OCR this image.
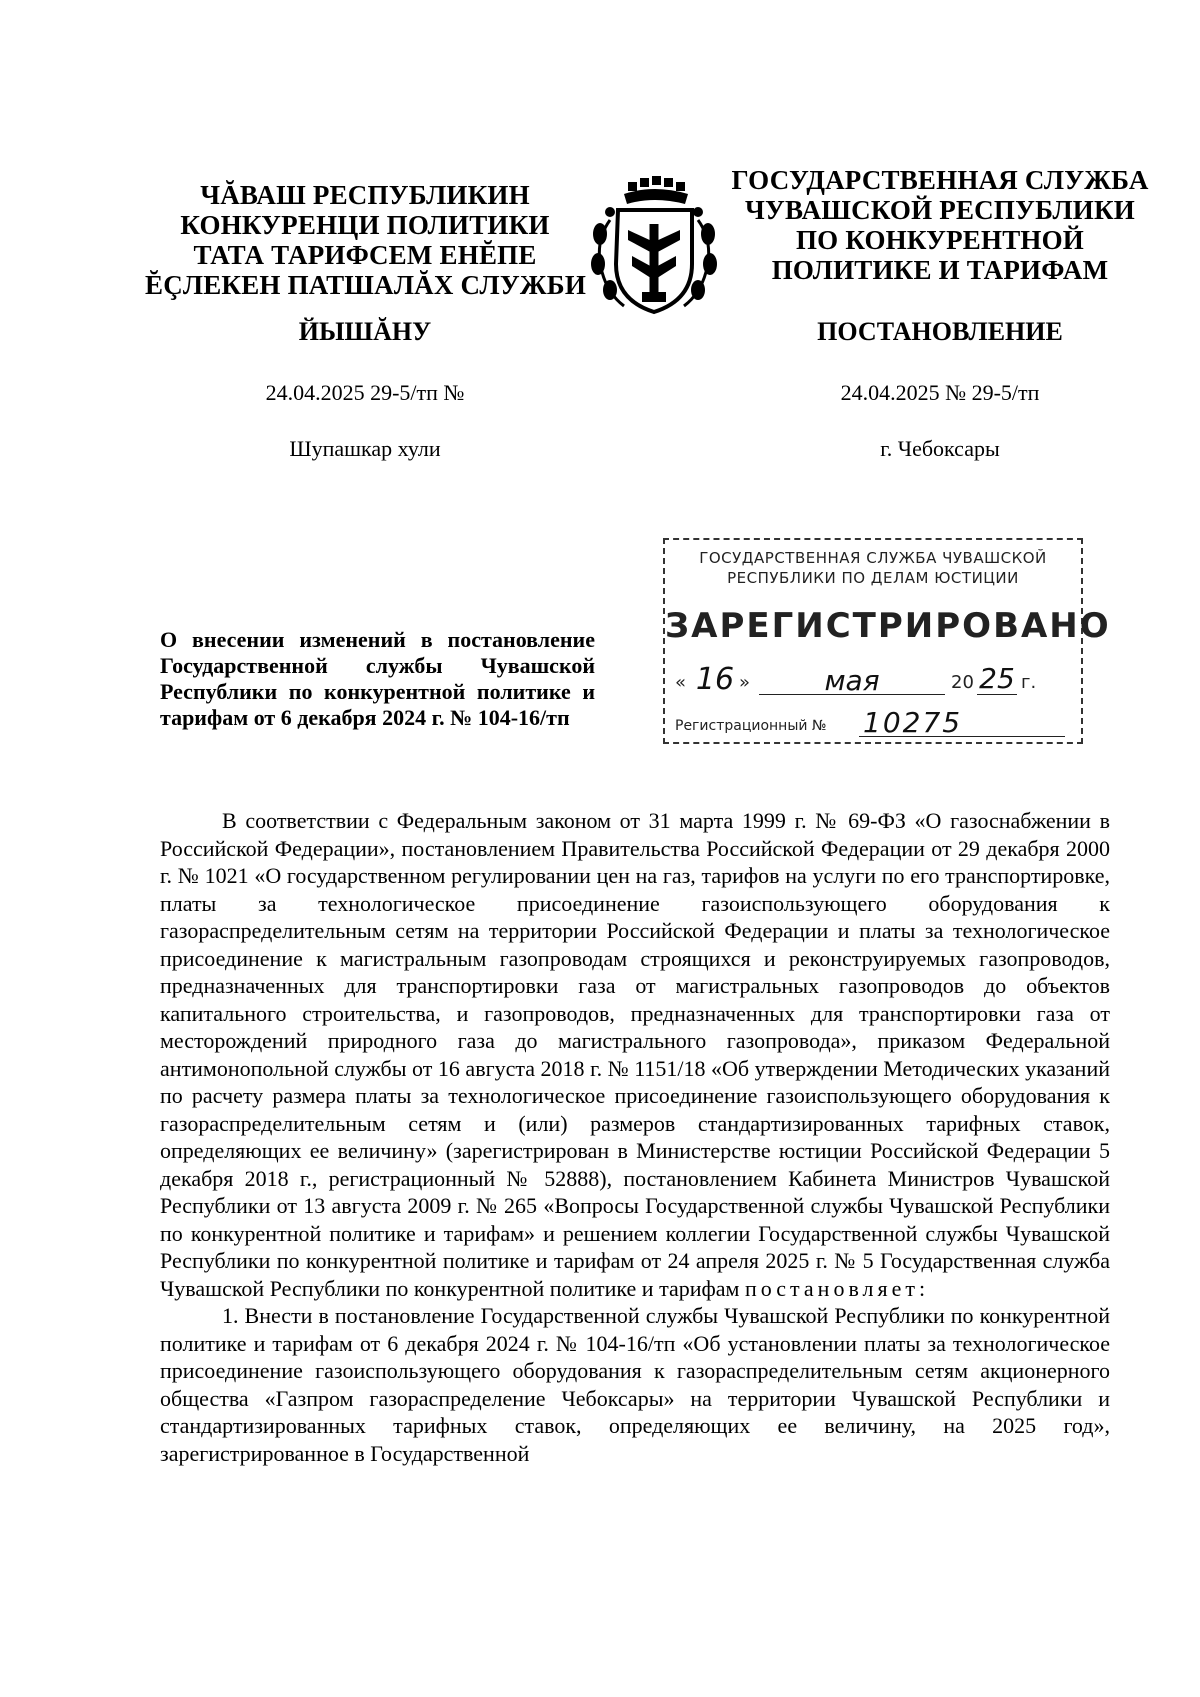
ЧĂВАШ РЕСПУБЛИКИН
КОНКУРЕНЦИ ПОЛИТИКИ
ТАТА ТАРИФСЕМ ЕНĔПЕ
ĔÇЛЕКЕН ПАТШАЛĂХ СЛУЖБИ
ГОСУДАРСТВЕННАЯ СЛУЖБА
ЧУВАШСКОЙ РЕСПУБЛИКИ
ПО КОНКУРЕНТНОЙ
ПОЛИТИКЕ И ТАРИФАМ
ЙЫШĂНУ	ПОСТАНОВЛЕНИЕ
24.04.2025 29-5/тп №	24.04.2025 № 29-5/тп
Шупашкар хули	г. Чебоксары
ГОСУДАРСТВЕННАЯ СЛУЖБА ЧУВАШСКОЙ
РЕСПУБЛИКИ ПО ДЕЛАМ ЮСТИЦИИ
ЗАРЕГИСТРИРОВАНО
« 16 »	мая	20 25 г.
Регистрационный № 10275
О внесении изменений в постановление Государственной службы Чувашской Республики по конкурентной политике и тарифам от 6 декабря 2024 г. № 104-16/тп

В соответствии с Федеральным законом от 31 марта 1999 г. № 69-ФЗ «О газоснабжении в Российской Федерации», постановлением Правительства Российской Федерации от 29 декабря 2000 г. № 1021 «О государственном регулировании цен на газ, тарифов на услуги по его транспортировке, платы за технологическое присоединение газоиспользующего оборудования к газораспределительным сетям на территории Российской Федерации и платы за технологическое присоединение к магистральным газопроводам строящихся и реконструируемых газопроводов, предназначенных для транспортировки газа от магистральных газопроводов до объектов капитального строительства, и газопроводов, предназначенных для транспортировки газа от месторождений природного газа до магистрального газопровода», приказом Федеральной антимонопольной службы от 16 августа 2018 г. № 1151/18 «Об утверждении Методических указаний по расчету размера платы за технологическое присоединение газоиспользующего оборудования к газораспределительным сетям и (или) размеров стандартизированных тарифных ставок, определяющих ее величину» (зарегистрирован в Министерстве юстиции Российской Федерации 5 декабря 2018 г., регистрационный № 52888), постановлением Кабинета Министров Чувашской Республики от 13 августа 2009 г. № 265 «Вопросы Государственной службы Чувашской Республики по конкурентной политике и тарифам» и решением коллегии Государственной службы Чувашской Республики по конкурентной политике и тарифам от 24 апреля 2025 г. № 5 Государственная служба Чувашской Республики по конкурентной политике и тарифам постановляет:

1. Внести в постановление Государственной службы Чувашской Республики по конкурентной политике и тарифам от 6 декабря 2024 г. № 104-16/тп «Об установлении платы за технологическое присоединение газоиспользующего оборудования к газораспределительным сетям акционерного общества «Газпром газораспределение Чебоксары» на территории Чувашской Республики и стандартизированных тарифных ставок, определяющих ее величину, на 2025 год», зарегистрированное в Государственной
